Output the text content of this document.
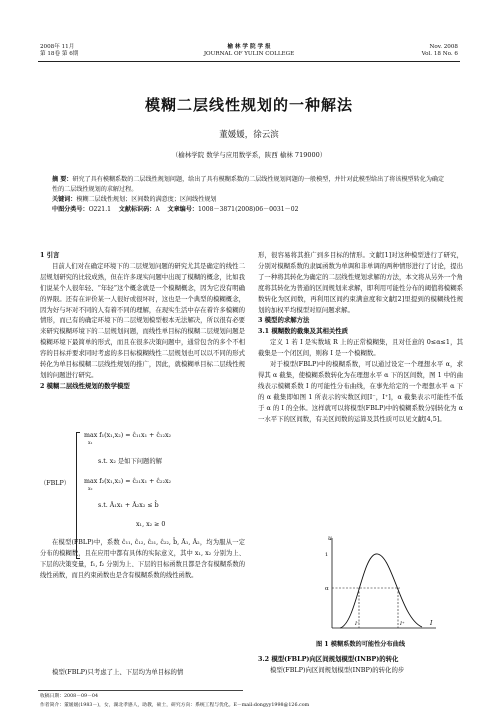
2008年 11月
第 18卷 第 6期
榆 林 学 院 学 报
JOURNAL OF YULIN COLLEGE
Nov. 2008
Vol. 18 No. 6
模糊二层线性规划的一种解法
董媛媛，徐云滨
（榆林学院 数学与应用数学系，陕西 榆林 719000）
摘 要：研究了具有模糊系数的二层线性规划问题，给出了具有模糊系数的二层线性规划问题的一般模型，并针对此模型给出了将该模型转化为确定性的二层线性规划的求解过程。
关键词：模糊二层线性规划；区间数的满意度；区间线性规划
中图分类号：O221.1 文献标识码：A 文章编号：1008－3871(2008)06－0031－02

1 引言

目前人们对在确定环境下的二层规划问题的研究尤其是确定的线性二层规划研究的比较成熟，但在许多现实问题中出现了模糊的概念，比如我们说某个人很年轻、“年轻”这个概念就是一个模糊概念，因为它没有明确的界限。还有在评价某一人很好或很坏时，这也是一个典型的模糊概念，因为好与坏对不同的人有着不同的理解，在现实生活中存在着许多模糊的情形，而已有的确定环境下的二层规划模型根本无法解决，所以很有必要来研究模糊环境下的二层规划问题，而线性单目标的模糊二层规划问题是模糊环境下最简单的形式，而且在很多决策问题中，通常包含的多个不相容的目标并要求同时考虑的多目标模糊线性二层规划也可以以不同的形式转化为单目标模糊二层线性规划的推广，因此，就模糊单目标二层线性规划的问题进行研究。

2 模糊二层线性规划的数学模型

（FBLP）
max f₁(x₁,x₂) = ĉ₁₁x₁ + ĉ₁₂x₂
x₁
s.t. x₂ 是如下问题的解
max f₂(x₁,x₂) = ĉ₂₁x₁ + ĉ₂₂x₂
x₂
s.t. Â₁x₁ + Â₂x₂ ≤ b̂
x₁, x₂ ≥ 0
在模型(FBLP)中，系数 ĉ₁₁, ĉ₁₂, ĉ₂₁, ĉ₂₂, b̂, Â₁, Â₂，均为服从一定分布的模糊数，且在应用中都有具体的实际意义，其中 x₁, x₂ 分别为上、下层的决策变量，f₁, f₂ 分别为上、下层的目标函数且都是含有模糊系数的线性函数，而且约束函数也是含有模糊系数的线性函数。
模型(FBLP)只考虑了上、下层均为单目标的情

形，很容易将其推广到多目标的情形。文献[1]对这种模型进行了研究，分别对模糊系数的隶属函数为单调和非单调的两种情形进行了讨论，提出了一种将其转化为确定的二层线性规划求解的方法，本文将从另外一个角度将其转化为普通的区间规划来求解，即利用可能性分布的阈值将模糊系数转化为区间数，再利用区间约束满意度和文献[2]里提到的模糊线性规划的加权平均模型对原问题求解。

3 模型的求解方法

3.1 模糊数的截集及其相关性质

定义 1 若 I 是实数域 R 上的正常模糊集，且对任意的 0≤α≤1，其截集是一个闭区间，则称 I 是一个模糊数。

对于模型(FBLP)中的模糊系数，可以通过设定一个理想水平 α，求得其 α 截集，使模糊系数转化为在理想水平 α 下的区间数，图 1 中的曲线表示模糊系数 I 的可能性分布曲线，在事先给定的一个理想水平 α 下的 α 截集即如图 1 所表示的实数区间[I⁻，I⁺]，α 截集表示可能性不低于 α 的 I 的全体。这样就可以将模型(FBLP)中的模糊系数分别转化为 α 一水平下的区间数，有关区间数的运算及其性质可以见文献[4,5]。

u
1
α
I⁻	I⁺	I
图 1 模糊系数的可能性分布曲线

3.2 模型(FBLP)向区间规划模型(INBP)的转化

模型(FBLP)向区间规划模型(INBP)的转化的步

收稿日期：2008－09－04
作者简介：董媛媛(1983－)，女，湖北孝感人，助教，硕士，研究方向：系统工程与优化。E－mail:dongyy1998@126.com
